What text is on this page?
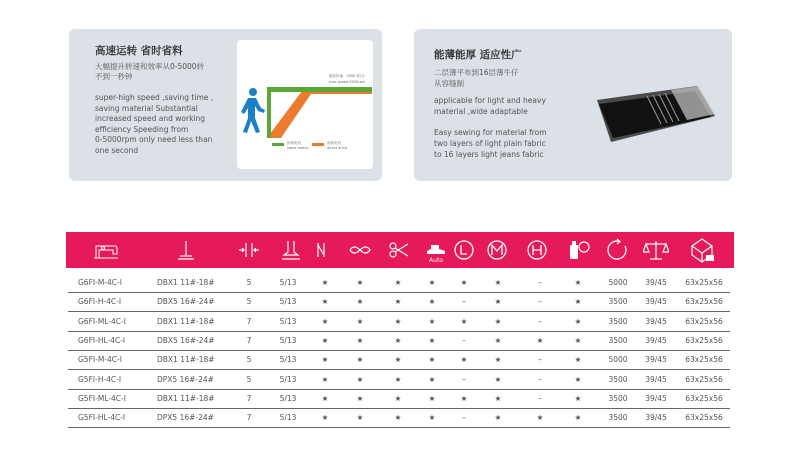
高速运转 省时省料
大幅提升转速和效率从0-5000转
不到一秒钟
super-high speed ,saving time ,
saving material Substantial
increased speed and working
efficiency Speeding from
0-5000rpm only need less than
one second
最高转速：5000 转/分
max speed 5000rpm
传统电机
same motor
直驱电机
direct drive
能薄能厚 适应性广
二层薄平布到16层薄牛仔
从容缝制
applicable for light and heavy
material ,wide adaptable
Easy sewing for material from
two layers of light plain fabric
to 16 layers light jeans fabric
Auto
G6FI-M-4C-I	DBX1 11#-18#	5	5/13	★	★	★	★	★	★	–	★	5000 39/45 63x25x56
G6FI-H-4C-I	DBX5 16#-24#	5	5/13	★	★	★	★	–	★	–	★	3500 39/45 63x25x56
G6FI-ML-4C-I	DBX1 11#-18#	7	5/13	★	★	★	★	★	★	–	★	3500 39/45 63x25x56
G6FI-HL-4C-I	DBX5 16#-24#	7	5/13	★	★	★	★	–	★	★	★	3500 39/45 63x25x56
G5FI-M-4C-I	DBX1 11#-18#	5	5/13	★	★	★	★	★	★	–	★	5000 39/45 63x25x56
G5FI-H-4C-I	DPX5 16#-24#	5	5/13	★	★	★	★	–	★	–	★	3500 39/45 63x25x56
G5FI-ML-4C-I	DBX1 11#-18#	7	5/13	★	★	★	★	★	★	–	★	3500 39/45 63x25x56
G5FI-HL-4C-I	DPX5 16#-24#	7	5/13	★	★	★	★	–	★	★	★	3500 39/45 63x25x56
